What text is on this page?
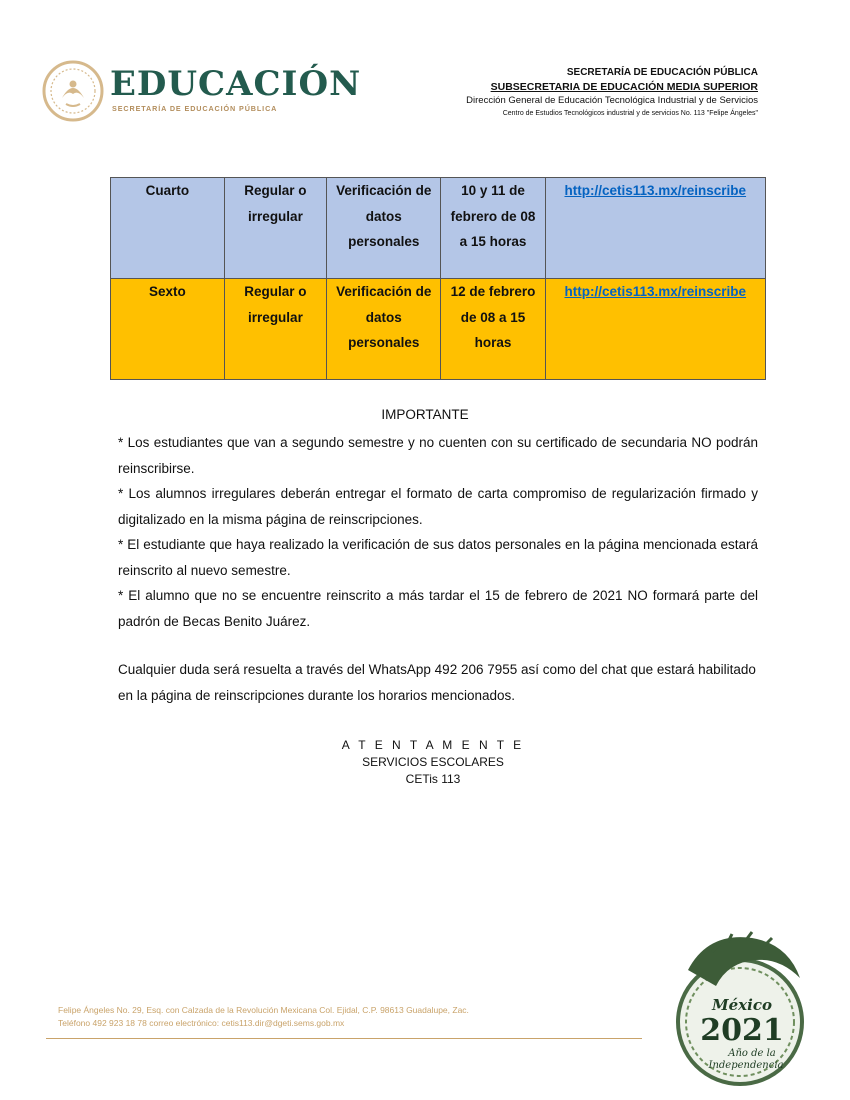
EDUCACIÓN
SECRETARÍA DE EDUCACIÓN PÚBLICA
SECRETARÍA DE EDUCACIÓN PÚBLICA
SUBSECRETARIA DE EDUCACIÓN MEDIA SUPERIOR
Dirección General de Educación Tecnológica Industrial y de Servicios
Centro de Estudios Tecnológicos industrial y de servicios No. 113 "Felipe Ángeles"
Cuarto	Regular o irregular	Verificación de datos personales	10 y 11 de febrero de 08 a 15 horas	http://cetis113.mx/reinscribe
Sexto	Regular o irregular	Verificación de datos personales	12 de febrero de 08 a 15 horas	http://cetis113.mx/reinscribe
IMPORTANTE

* Los estudiantes que van a segundo semestre y no cuenten con su certificado de secundaria NO podrán reinscribirse.

* Los alumnos irregulares deberán entregar el formato de carta compromiso de regularización firmado y digitalizado en la misma página de reinscripciones.

* El estudiante que haya realizado la verificación de sus datos personales en la página mencionada estará reinscrito al nuevo semestre.

* El alumno que no se encuentre reinscrito a más tardar el 15 de febrero de 2021 NO formará parte del padrón de Becas Benito Juárez.

Cualquier duda será resuelta a través del WhatsApp 492 206 7955 así como del chat que estará habilitado en la página de reinscripciones durante los horarios mencionados.

A T E N T A M E N T E
SERVICIOS ESCOLARES
CETis 113
Felipe Ángeles No. 29, Esq. con Calzada de la Revolución Mexicana Col. Ejidal, C.P. 98613 Guadalupe, Zac.
Teléfono 492 923 18 78 correo electrónico: cetis113.dir@dgeti.sems.gob.mx
México
2021
Año de la
Independencia
